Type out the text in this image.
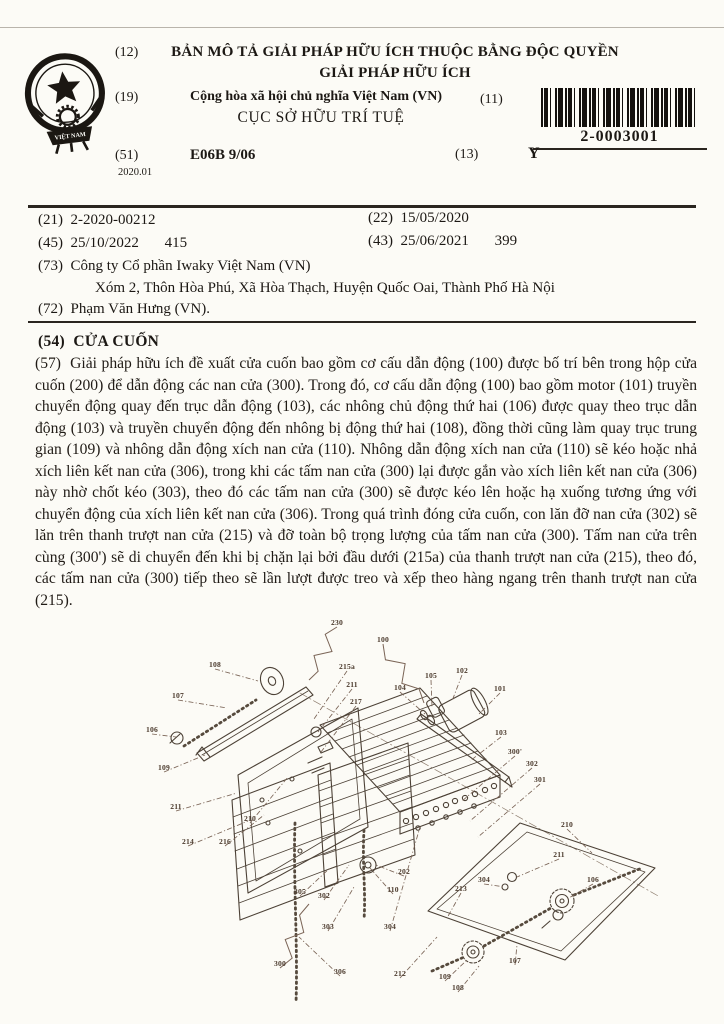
VIỆT NAM
(12)	BẢN MÔ TẢ GIẢI PHÁP HỮU ÍCH THUỘC BẰNG ĐỘC QUYỀN
GIẢI PHÁP HỮU ÍCH
(19)	Cộng hòa xã hội chủ nghĩa Việt Nam (VN)
CỤC SỞ HỮU TRÍ TUỆ
(11)
2-0003001
(51)	E06B 9/06
2020.01
(13)	Y
(21) 2-2020-00212	(22) 15/05/2020
(45) 25/10/2022 415	(43) 25/06/2021 399
(73) Công ty Cổ phần Iwaky Việt Nam (VN)
Xóm 2, Thôn Hòa Phú, Xã Hòa Thạch, Huyện Quốc Oai, Thành Phố Hà Nội
(72) Phạm Văn Hưng (VN).
(54) CỬA CUỐN
(57) Giải pháp hữu ích đề xuất cửa cuốn bao gồm cơ cấu dẫn động (100) được bố trí bên trong hộp cửa cuốn (200) để dẫn động các nan cửa (300). Trong đó, cơ cấu dẫn động (100) bao gồm motor (101) truyền chuyển động quay đến trục dẫn động (103), các nhông chủ động thứ hai (106) được quay theo trục dẫn động (103) và truyền chuyển động đến nhông bị động thứ hai (108), đồng thời cũng làm quay trục trung gian (109) và nhông dẫn động xích nan cửa (110). Nhông dẫn động xích nan cửa (110) sẽ kéo hoặc nhả xích liên kết nan cửa (306), trong khi các tấm nan cửa (300) lại được gắn vào xích liên kết nan cửa (306) này nhờ chốt kéo (303), theo đó các tấm nan cửa (300) sẽ được kéo lên hoặc hạ xuống tương ứng với chuyển động của xích liên kết nan cửa (306). Trong quá trình đóng cửa cuốn, con lăn đỡ nan cửa (302) sẽ lăn trên thanh trượt nan cửa (215) và đỡ toàn bộ trọng lượng của tấm nan cửa (300). Tấm nan cửa trên cùng (300') sẽ di chuyển đến khi bị chặn lại bởi đầu dưới (215a) của thanh trượt nan cửa (215), theo đó, các tấm nan cửa (300) tiếp theo sẽ lần lượt được treo và xếp theo hàng ngang trên thanh trượt nan cửa (215).
230
100
108
107
106
109
215a
211
217
104
105
102
101
103
300'
302
301
210
211
106
211
214	216
210
305 302
303
300
306
202
110
304
213
212
304
109
108
107
